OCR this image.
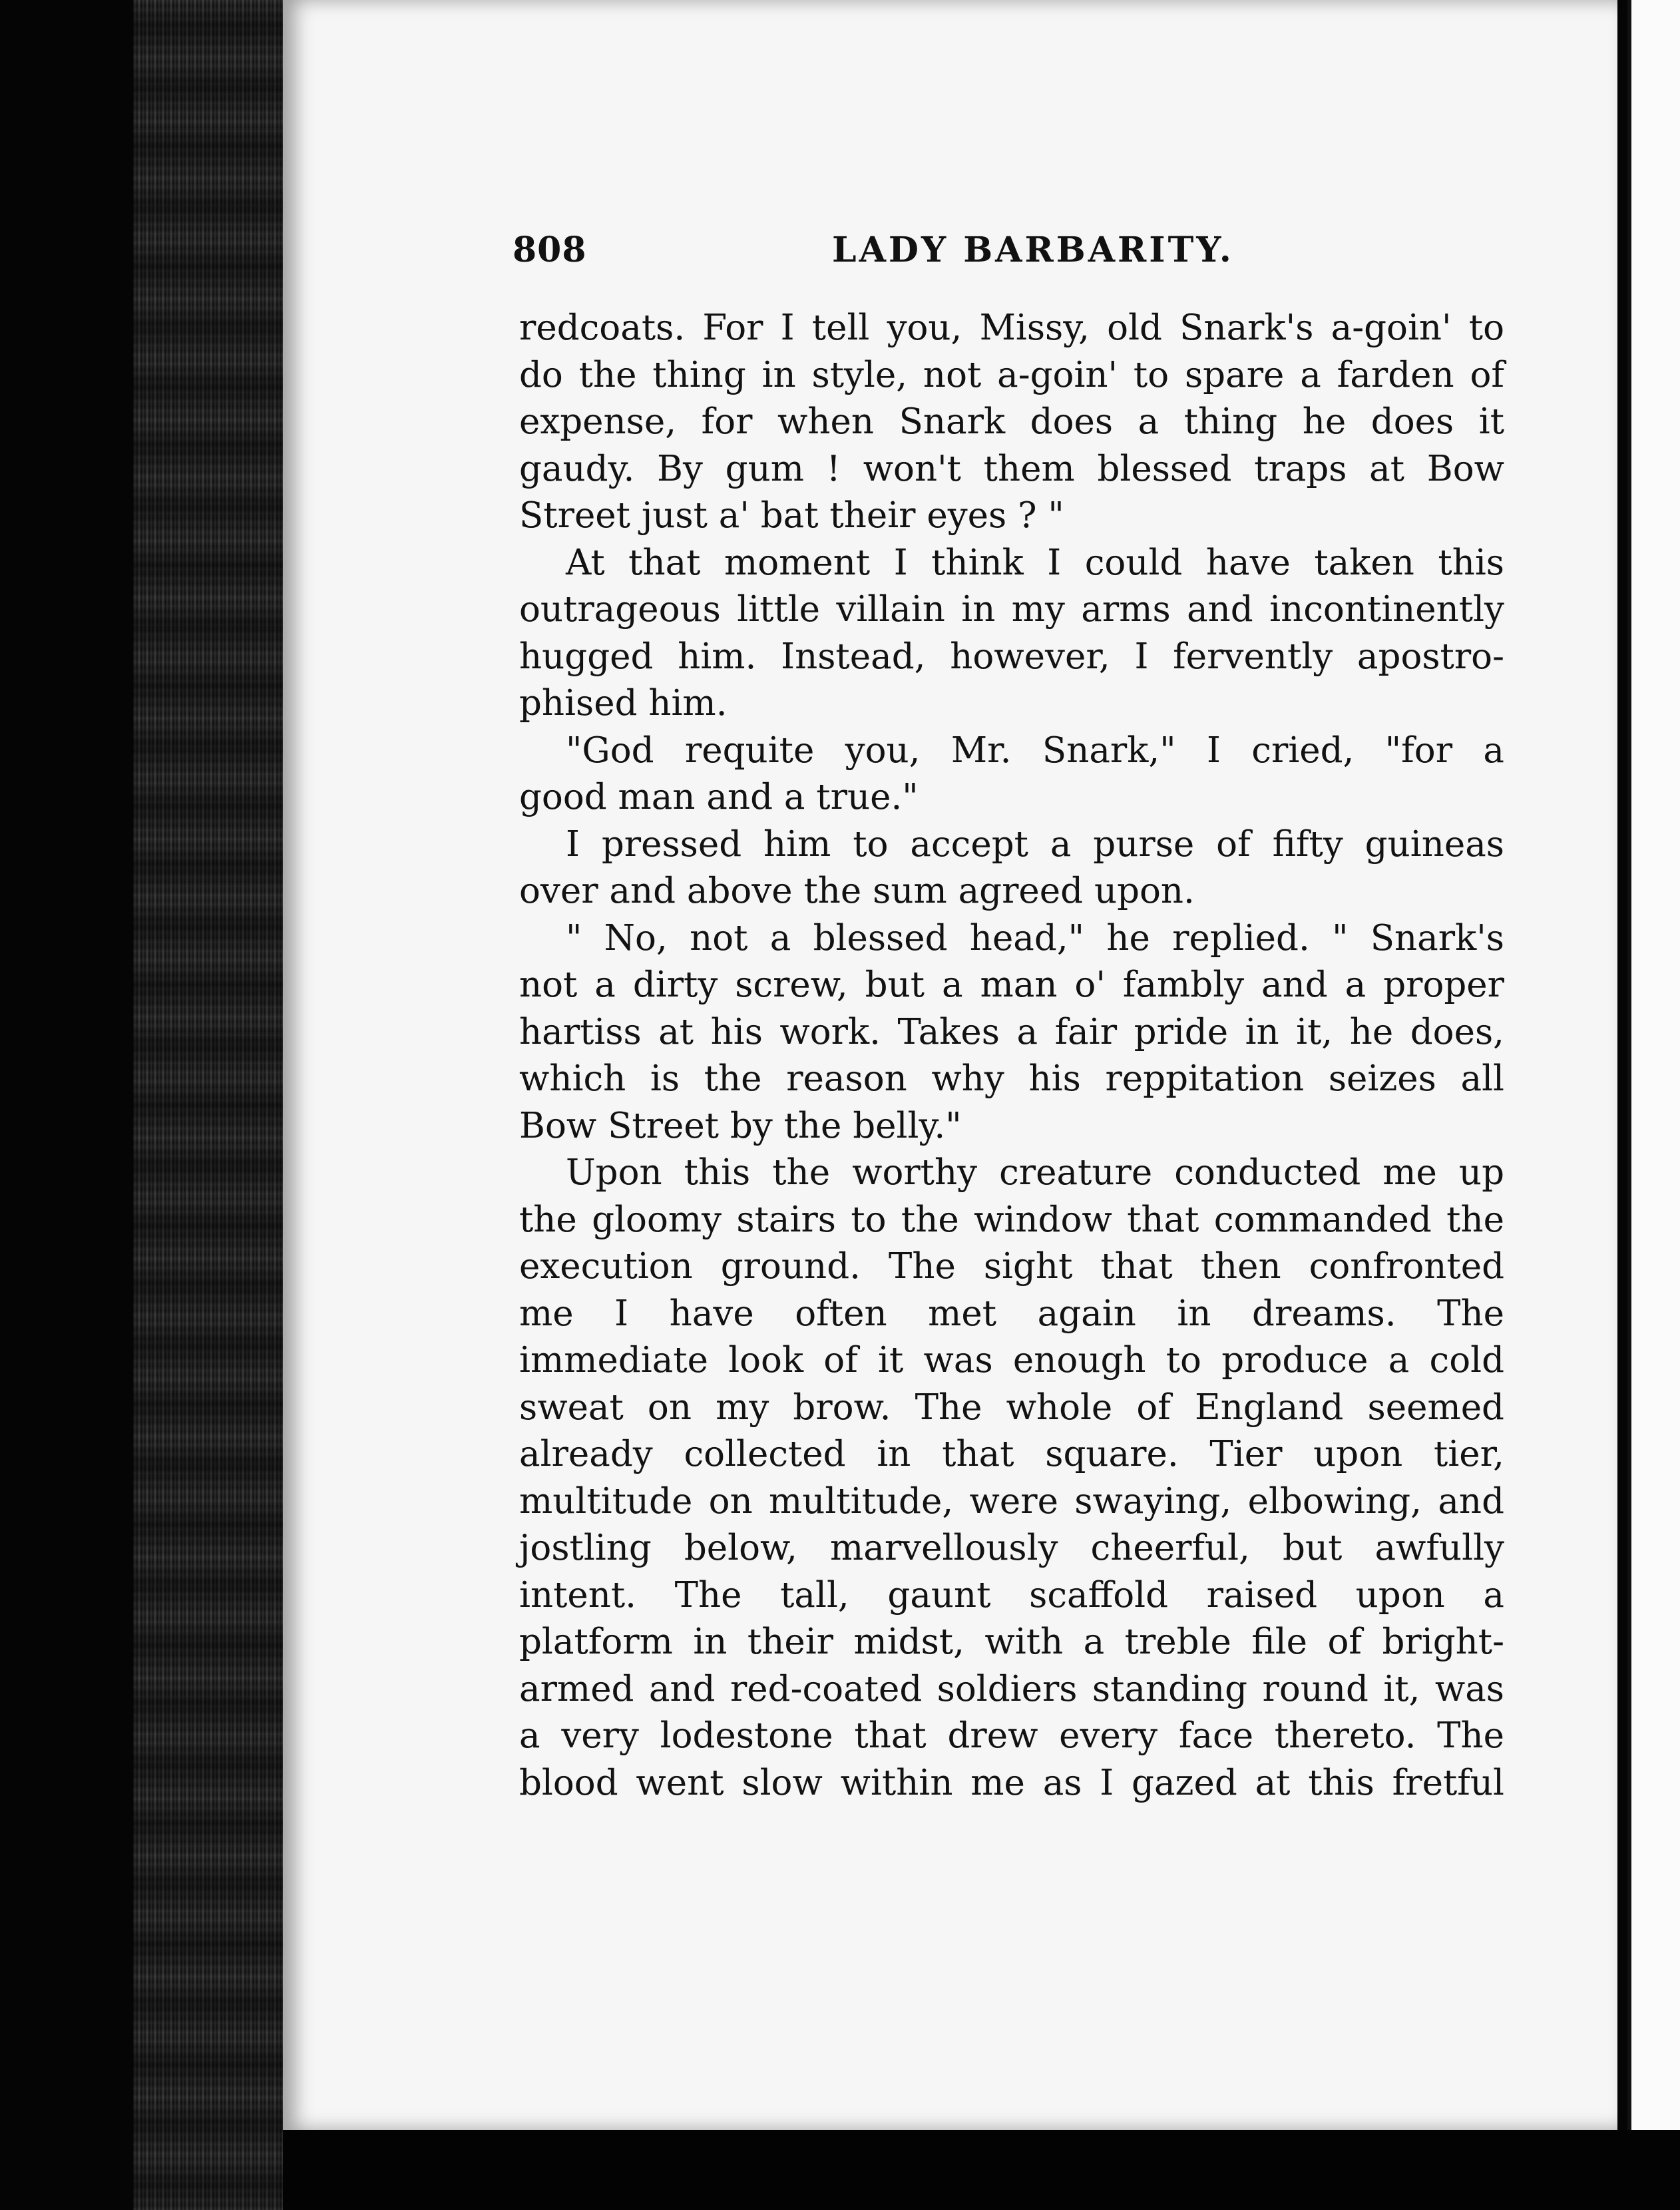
808	LADY BARBARITY.
redcoats. For I tell you, Missy, old Snark's a-goin' to
do the thing in style, not a-goin' to spare a farden of
expense, for when Snark does a thing he does it
gaudy. By gum ! won't them blessed traps at Bow
Street just a' bat their eyes ? "
At that moment I think I could have taken this
outrageous little villain in my arms and incontinently
hugged him. Instead, however, I fervently apostro-
phised him.
"God requite you, Mr. Snark," I cried, "for a
good man and a true."
I pressed him to accept a purse of fifty guineas
over and above the sum agreed upon.
" No, not a blessed head," he replied. " Snark's
not a dirty screw, but a man o' fambly and a proper
hartiss at his work. Takes a fair pride in it, he does,
which is the reason why his reppitation seizes all
Bow Street by the belly."
Upon this the worthy creature conducted me up
the gloomy stairs to the window that commanded the
execution ground. The sight that then confronted
me I have often met again in dreams. The
immediate look of it was enough to produce a cold
sweat on my brow. The whole of England seemed
already collected in that square. Tier upon tier,
multitude on multitude, were swaying, elbowing, and
jostling below, marvellously cheerful, but awfully
intent. The tall, gaunt scaffold raised upon a
platform in their midst, with a treble file of bright-
armed and red-coated soldiers standing round it, was
a very lodestone that drew every face thereto. The
blood went slow within me as I gazed at this fretful
